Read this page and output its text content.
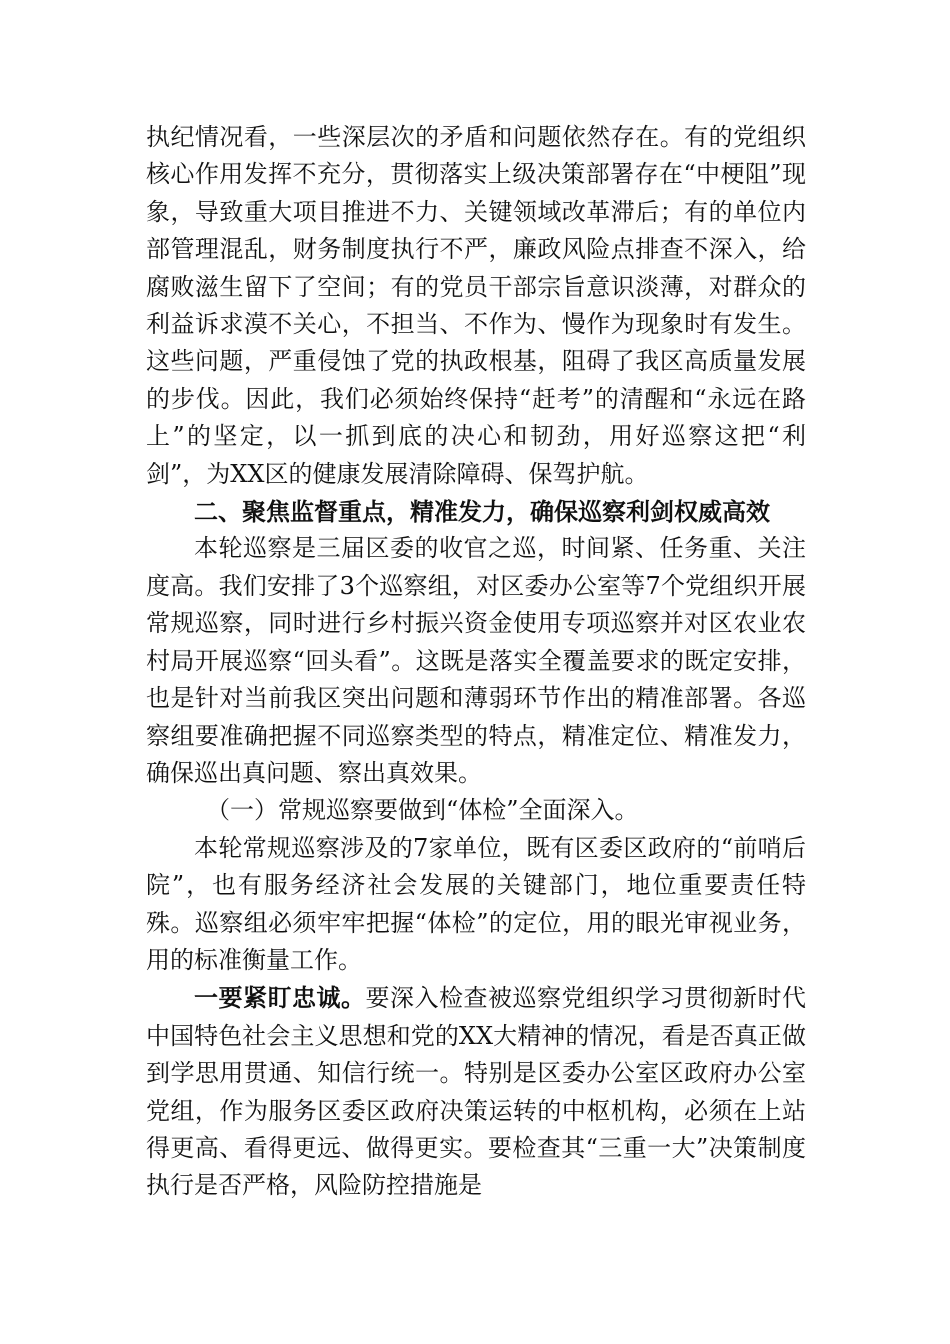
执纪情况看，一些深层次的矛盾和问题依然存在。有的党组织核心作用发挥不充分，贯彻落实上级决策部署存在“中梗阻”现象，导致重大项目推进不力、关键领域改革滞后；有的单位内部管理混乱，财务制度执行不严，廉政风险点排查不深入，给腐败滋生留下了空间；有的党员干部宗旨意识淡薄，对群众的利益诉求漠不关心，不担当、不作为、慢作为现象时有发生。这些问题，严重侵蚀了党的执政根基，阻碍了我区高质量发展的步伐。因此，我们必须始终保持“赶考”的清醒和“永远在路上”的坚定，以一抓到底的决心和韧劲，用好巡察这把“利剑”，为XX区的健康发展清除障碍、保驾护航。

二、聚焦监督重点，精准发力，确保巡察利剑权威高效

本轮巡察是三届区委的收官之巡，时间紧、任务重、关注度高。我们安排了3个巡察组，对区委办公室等7个党组织开展常规巡察，同时进行乡村振兴资金使用专项巡察并对区农业农村局开展巡察“回头看”。这既是落实全覆盖要求的既定安排，也是针对当前我区突出问题和薄弱环节作出的精准部署。各巡察组要准确把握不同巡察类型的特点，精准定位、精准发力，确保巡出真问题、察出真效果。

（一）常规巡察要做到“体检”全面深入。

本轮常规巡察涉及的7家单位，既有区委区政府的“前哨后院”，也有服务经济社会发展的关键部门，地位重要责任特殊。巡察组必须牢牢把握“体检”的定位，用的眼光审视业务，用的标准衡量工作。

一要紧盯忠诚。要深入检查被巡察党组织学习贯彻新时代中国特色社会主义思想和党的XX大精神的情况，看是否真正做到学思用贯通、知信行统一。特别是区委办公室区政府办公室党组，作为服务区委区政府决策运转的中枢机构，必须在上站得更高、看得更远、做得更实。要检查其“三重一大”决策制度执行是否严格，风险防控措施是
